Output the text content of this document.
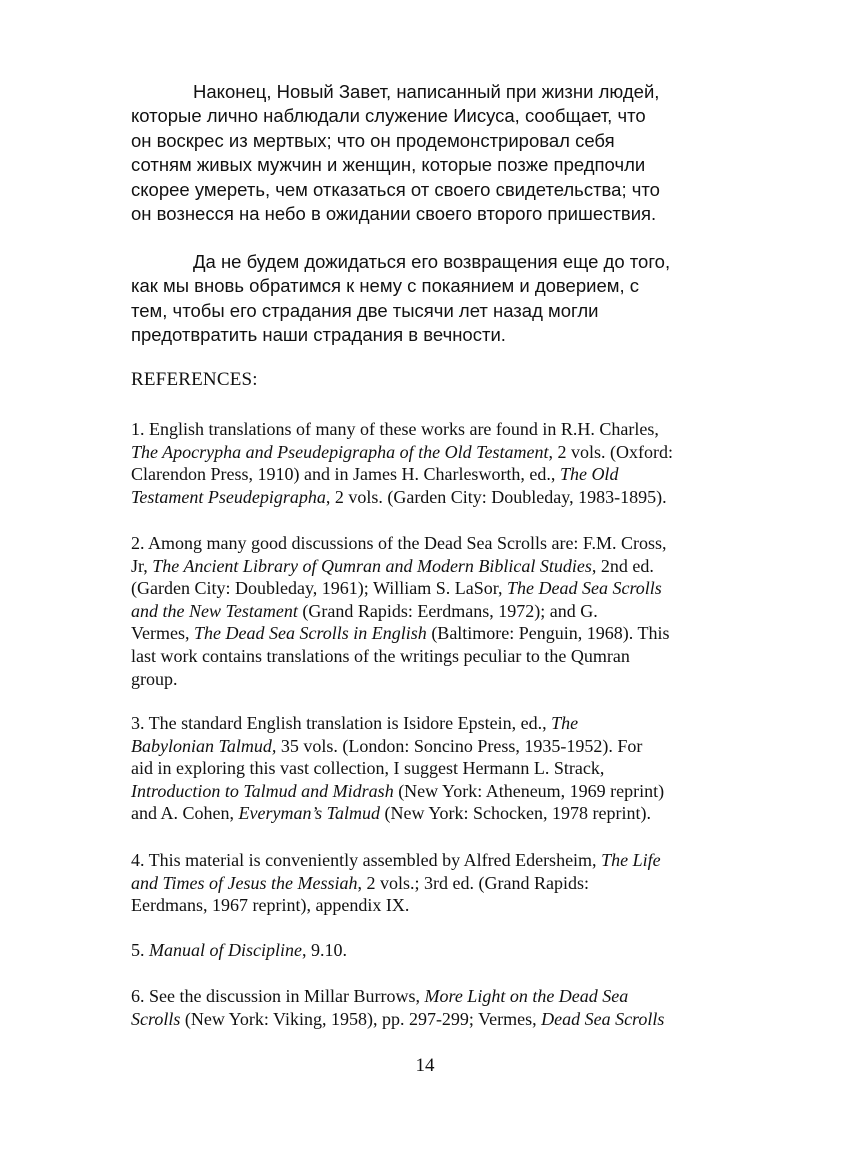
Наконец, Новый Завет, написанный при жизни людей,
которые лично наблюдали служение Иисуса, сообщает, что
он воскрес из мертвых; что он продемонстрировал себя
сотням живых мужчин и женщин, которые позже предпочли
скорее умереть, чем отказаться от своего свидетельства; что
он вознесся на небо в ожидании своего второго пришествия.
Да не будем дожидаться его возвращения еще до того,
как мы вновь обратимся к нему с покаянием и доверием, с
тем, чтобы его страдания две тысячи лет назад могли
предотвратить наши страдания в вечности.
REFERENCES:
1. English translations of many of these works are found in R.H. Charles,
The Apocrypha and Pseudepigrapha of the Old Testament, 2 vols. (Oxford:
Clarendon Press, 1910) and in James H. Charlesworth, ed., The Old
Testament Pseudepigrapha, 2 vols. (Garden City: Doubleday, 1983-1895).
2. Among many good discussions of the Dead Sea Scrolls are: F.M. Cross,
Jr, The Ancient Library of Qumran and Modern Biblical Studies, 2nd ed.
(Garden City: Doubleday, 1961); William S. LaSor, The Dead Sea Scrolls
and the New Testament (Grand Rapids: Eerdmans, 1972); and G.
Vermes, The Dead Sea Scrolls in English (Baltimore: Penguin, 1968). This
last work contains translations of the writings peculiar to the Qumran
group.
3. The standard English translation is Isidore Epstein, ed., The
Babylonian Talmud, 35 vols. (London: Soncino Press, 1935-1952). For
aid in exploring this vast collection, I suggest Hermann L. Strack,
Introduction to Talmud and Midrash (New York: Atheneum, 1969 reprint)
and A. Cohen, Everyman’s Talmud (New York: Schocken, 1978 reprint).
4. This material is conveniently assembled by Alfred Edersheim, The Life
and Times of Jesus the Messiah, 2 vols.; 3rd ed. (Grand Rapids:
Eerdmans, 1967 reprint), appendix IX.
5. Manual of Discipline, 9.10.
6. See the discussion in Millar Burrows, More Light on the Dead Sea
Scrolls (New York: Viking, 1958), pp. 297-299; Vermes, Dead Sea Scrolls
14
